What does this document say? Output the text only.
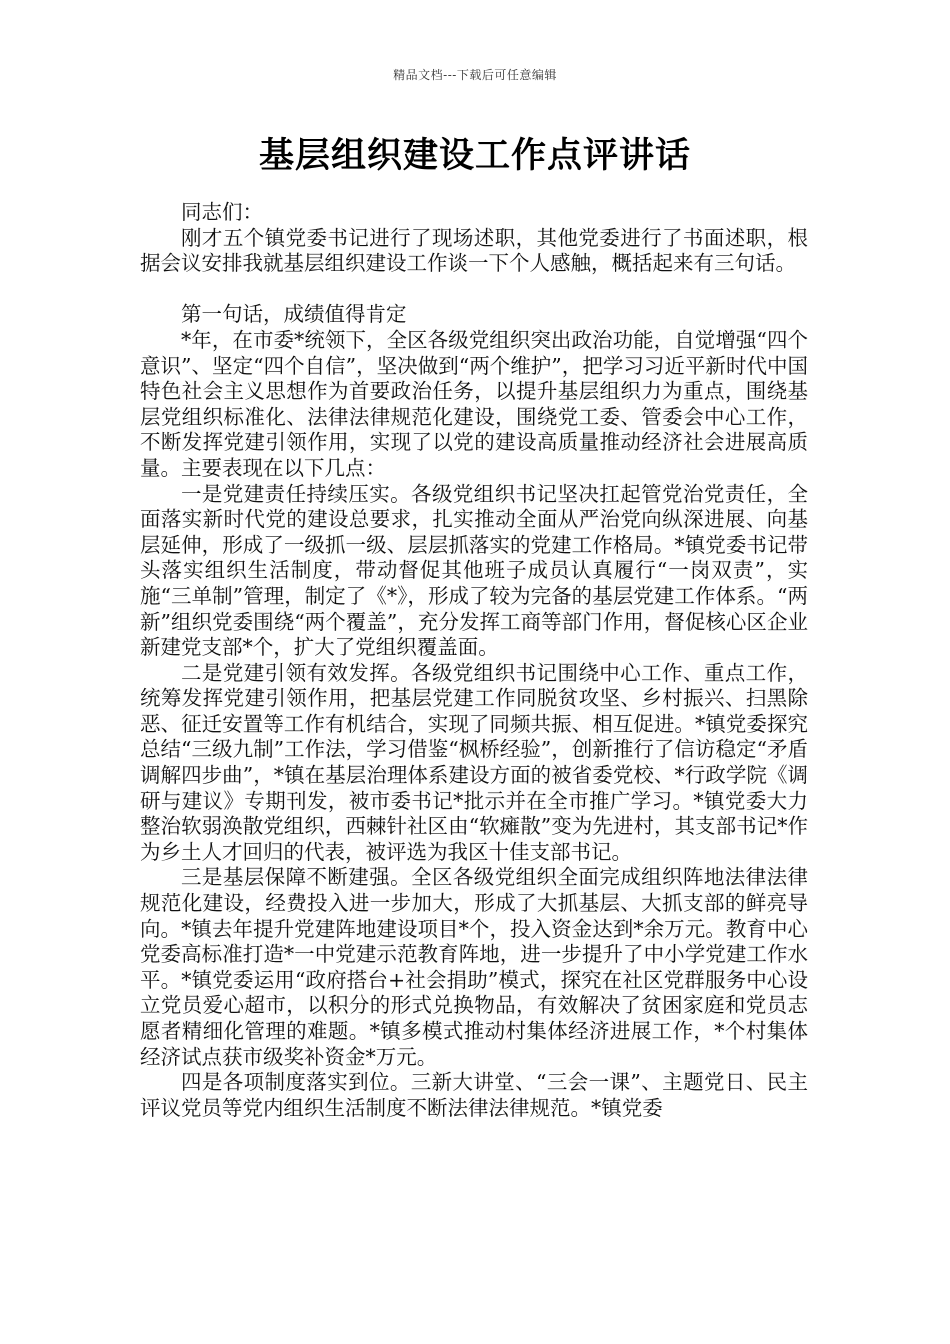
精品文档---下载后可任意编辑
基层组织建设工作点评讲话

同志们：

刚才五个镇党委书记进行了现场述职，其他党委进行了书面述职，根据会议安排我就基层组织建设工作谈一下个人感触，概括起来有三句话。

第一句话，成绩值得肯定

*年，在市委*统领下，全区各级党组织突出政治功能，自觉增强“四个意识”、坚定“四个自信”，坚决做到“两个维护”，把学习习近平新时代中国特色社会主义思想作为首要政治任务，以提升基层组织力为重点，围绕基层党组织标准化、法律法律规范化建设，围绕党工委、管委会中心工作，不断发挥党建引领作用，实现了以党的建设高质量推动经济社会进展高质量。主要表现在以下几点：

一是党建责任持续压实。各级党组织书记坚决扛起管党治党责任，全面落实新时代党的建设总要求，扎实推动全面从严治党向纵深进展、向基层延伸，形成了一级抓一级、层层抓落实的党建工作格局。*镇党委书记带头落实组织生活制度，带动督促其他班子成员认真履行“一岗双责”，实施“三单制”管理，制定了《*》，形成了较为完备的基层党建工作体系。“两新”组织党委围绕“两个覆盖”，充分发挥工商等部门作用，督促核心区企业新建党支部*个，扩大了党组织覆盖面。

二是党建引领有效发挥。各级党组织书记围绕中心工作、重点工作，统筹发挥党建引领作用，把基层党建工作同脱贫攻坚、乡村振兴、扫黑除恶、征迁安置等工作有机结合，实现了同频共振、相互促进。*镇党委探究总结“三级九制”工作法，学习借鉴“枫桥经验”，创新推行了信访稳定“矛盾调解四步曲”，*镇在基层治理体系建设方面的被省委党校、*行政学院《调研与建议》专期刊发，被市委书记*批示并在全市推广学习。*镇党委大力整治软弱涣散党组织，西棘针社区由“软瘫散”变为先进村，其支部书记*作为乡土人才回归的代表，被评选为我区十佳支部书记。

三是基层保障不断建强。全区各级党组织全面完成组织阵地法律法律规范化建设，经费投入进一步加大，形成了大抓基层、大抓支部的鲜亮导向。*镇去年提升党建阵地建设项目*个，投入资金达到*余万元。教育中心党委高标准打造*一中党建示范教育阵地，进一步提升了中小学党建工作水平。*镇党委运用“政府搭台+社会捐助”模式，探究在社区党群服务中心设立党员爱心超市，以积分的形式兑换物品，有效解决了贫困家庭和党员志愿者精细化管理的难题。*镇多模式推动村集体经济进展工作，*个村集体经济试点获市级奖补资金*万元。

四是各项制度落实到位。三新大讲堂、“三会一课”、主题党日、民主评议党员等党内组织生活制度不断法律法律规范。*镇党委
